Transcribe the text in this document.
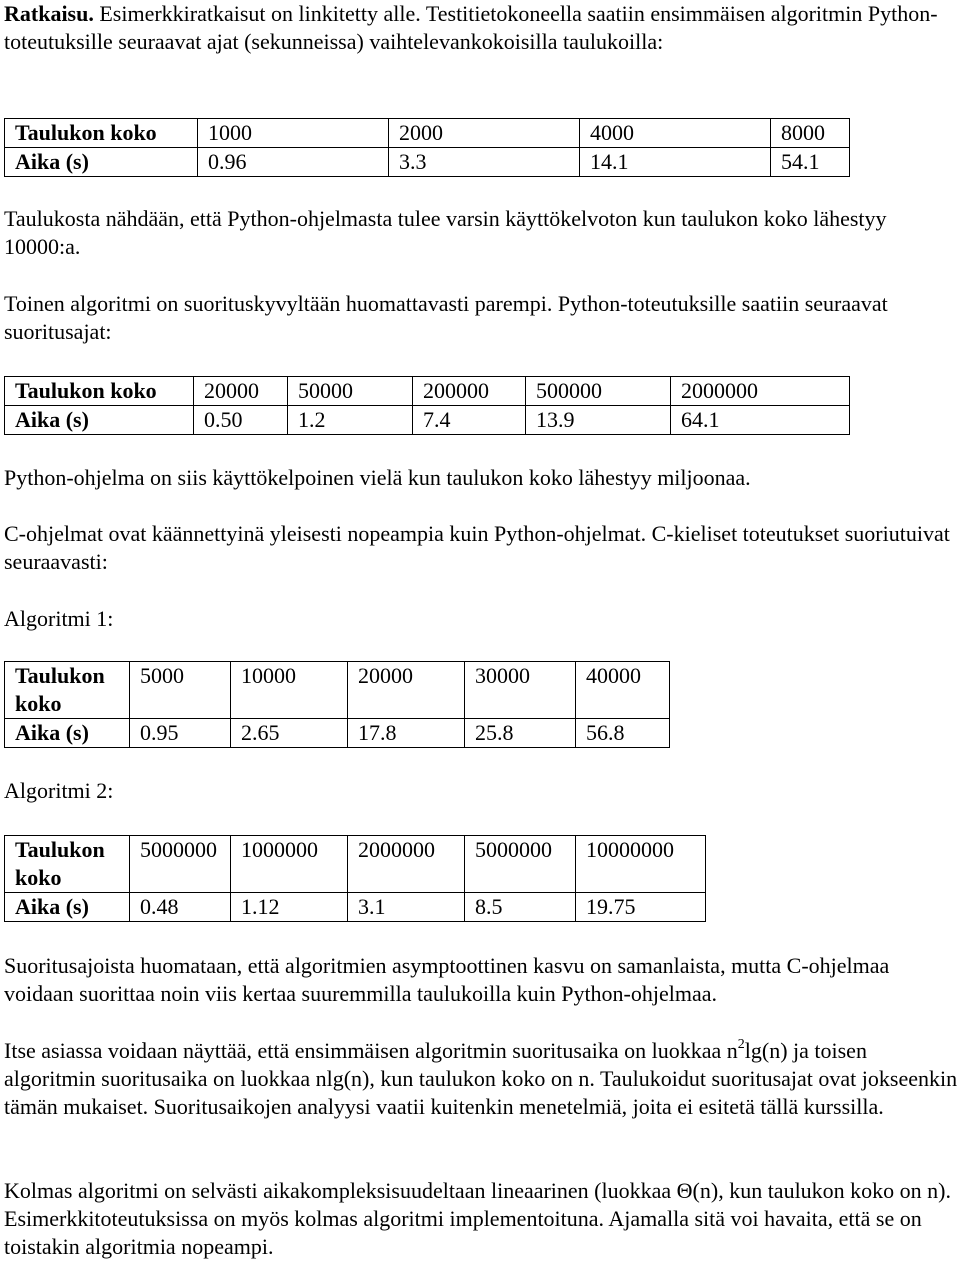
Ratkaisu. Esimerkkiratkaisut on linkitetty alle. Testitietokoneella saatiin ensimmäisen algoritmin Python-toteutuksille seuraavat ajat (sekunneissa) vaihtelevankokoisilla taulukoilla:

Taulukon koko	1000	2000	4000	8000
Aika (s)	0.96	3.3	14.1	54.1

Taulukosta nähdään, että Python-ohjelmasta tulee varsin käyttökelvoton kun taulukon koko lähestyy 10000:a.

Toinen algoritmi on suorituskyvyltään huomattavasti parempi. Python-toteutuksille saatiin seuraavat suoritusajat:

Taulukon koko	20000	50000	200000	500000	2000000
Aika (s)	0.50	1.2	7.4	13.9	64.1

Python-ohjelma on siis käyttökelpoinen vielä kun taulukon koko lähestyy miljoonaa.

C-ohjelmat ovat käännettyinä yleisesti nopeampia kuin Python-ohjelmat. C-kieliset toteutukset suoriutuivat seuraavasti:

Algoritmi 1:

Taulukon koko	5000	10000	20000	30000	40000
Aika (s)	0.95	2.65	17.8	25.8	56.8

Algoritmi 2:

Taulukon koko	5000000	1000000	2000000	5000000	10000000
Aika (s)	0.48	1.12	3.1	8.5	19.75

Suoritusajoista huomataan, että algoritmien asymptoottinen kasvu on samanlaista, mutta C-ohjelmaa voidaan suorittaa noin viis kertaa suuremmilla taulukoilla kuin Python-ohjelmaa.

Itse asiassa voidaan näyttää, että ensimmäisen algoritmin suoritusaika on luokkaa $n^2\lg(n)$ ja toisen algoritmin suoritusaika on luokkaa nlg(n), kun taulukon koko on n. Taulukoidut suoritusajat ovat jokseenkin tämän mukaiset. Suoritusaikojen analyysi vaatii kuitenkin menetelmiä, joita ei esitetä tällä kurssilla.

Kolmas algoritmi on selvästi aikakompleksisuudeltaan lineaarinen (luokkaa Θ(n), kun taulukon koko on n). Esimerkkitoteutuksissa on myös kolmas algoritmi implementoituna. Ajamalla sitä voi havaita, että se on toistakin algoritmia nopeampi.
